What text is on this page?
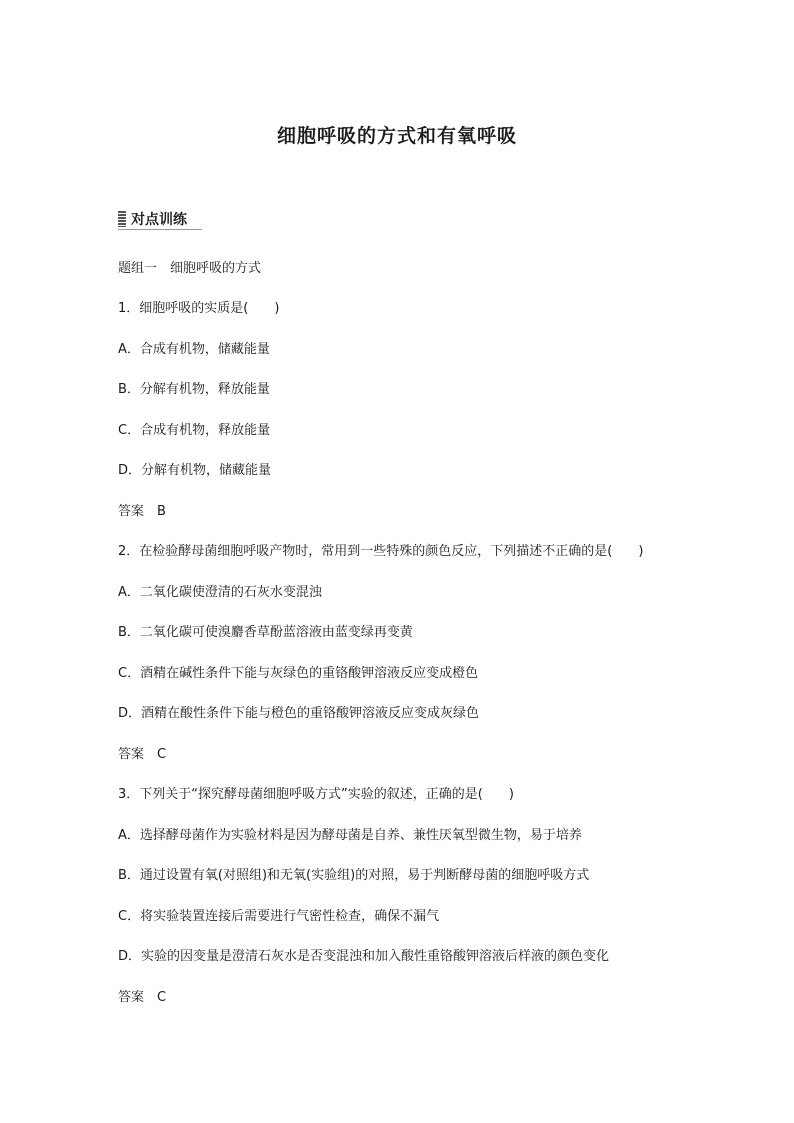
细胞呼吸的方式和有氧呼吸
对点训练
题组一　细胞呼吸的方式
1．细胞呼吸的实质是(　　)
A．合成有机物，储藏能量
B．分解有机物，释放能量
C．合成有机物，释放能量
D．分解有机物，储藏能量
答案　B
2．在检验酵母菌细胞呼吸产物时，常用到一些特殊的颜色反应，下列描述不正确的是(　　)
A．二氧化碳使澄清的石灰水变混浊
B．二氧化碳可使溴麝香草酚蓝溶液由蓝变绿再变黄
C．酒精在碱性条件下能与灰绿色的重铬酸钾溶液反应变成橙色
D．酒精在酸性条件下能与橙色的重铬酸钾溶液反应变成灰绿色
答案　C
3．下列关于“探究酵母菌细胞呼吸方式”实验的叙述，正确的是(　　)
A．选择酵母菌作为实验材料是因为酵母菌是自养、兼性厌氧型微生物，易于培养
B．通过设置有氧(对照组)和无氧(实验组)的对照，易于判断酵母菌的细胞呼吸方式
C．将实验装置连接后需要进行气密性检查，确保不漏气
D．实验的因变量是澄清石灰水是否变混浊和加入酸性重铬酸钾溶液后样液的颜色变化
答案　C
